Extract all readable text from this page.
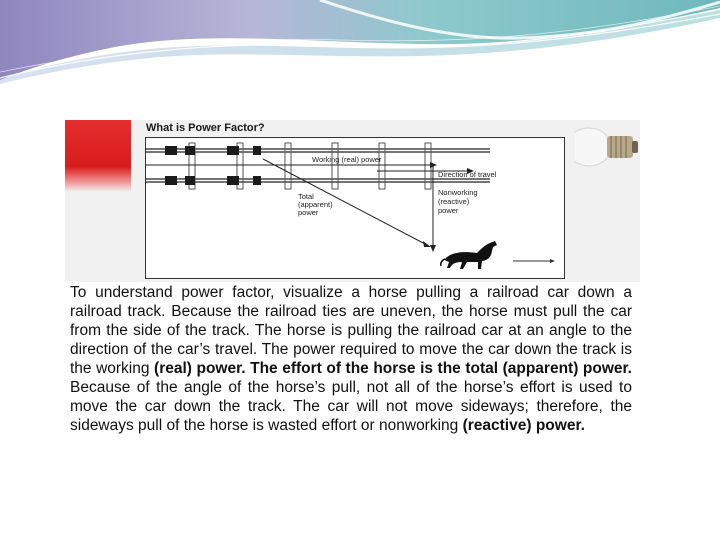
What is Power Factor?
Working (real) power
Direction of travel
Nonworking
(reactive)
power
Total
(apparent)
power

To understand power factor, visualize a horse pulling a railroad car down a railroad track. Because the railroad ties are uneven, the horse must pull the car from the side of the track. The horse is pulling the railroad car at an angle to the direction of the car’s travel. The power required to move the car down the track is the working (real) power. The effort of the horse is the total (apparent) power. Because of the angle of the horse’s pull, not all of the horse’s effort is used to move the car down the track. The car will not move sideways; therefore, the sideways pull of the horse is wasted effort or nonworking (reactive) power.
